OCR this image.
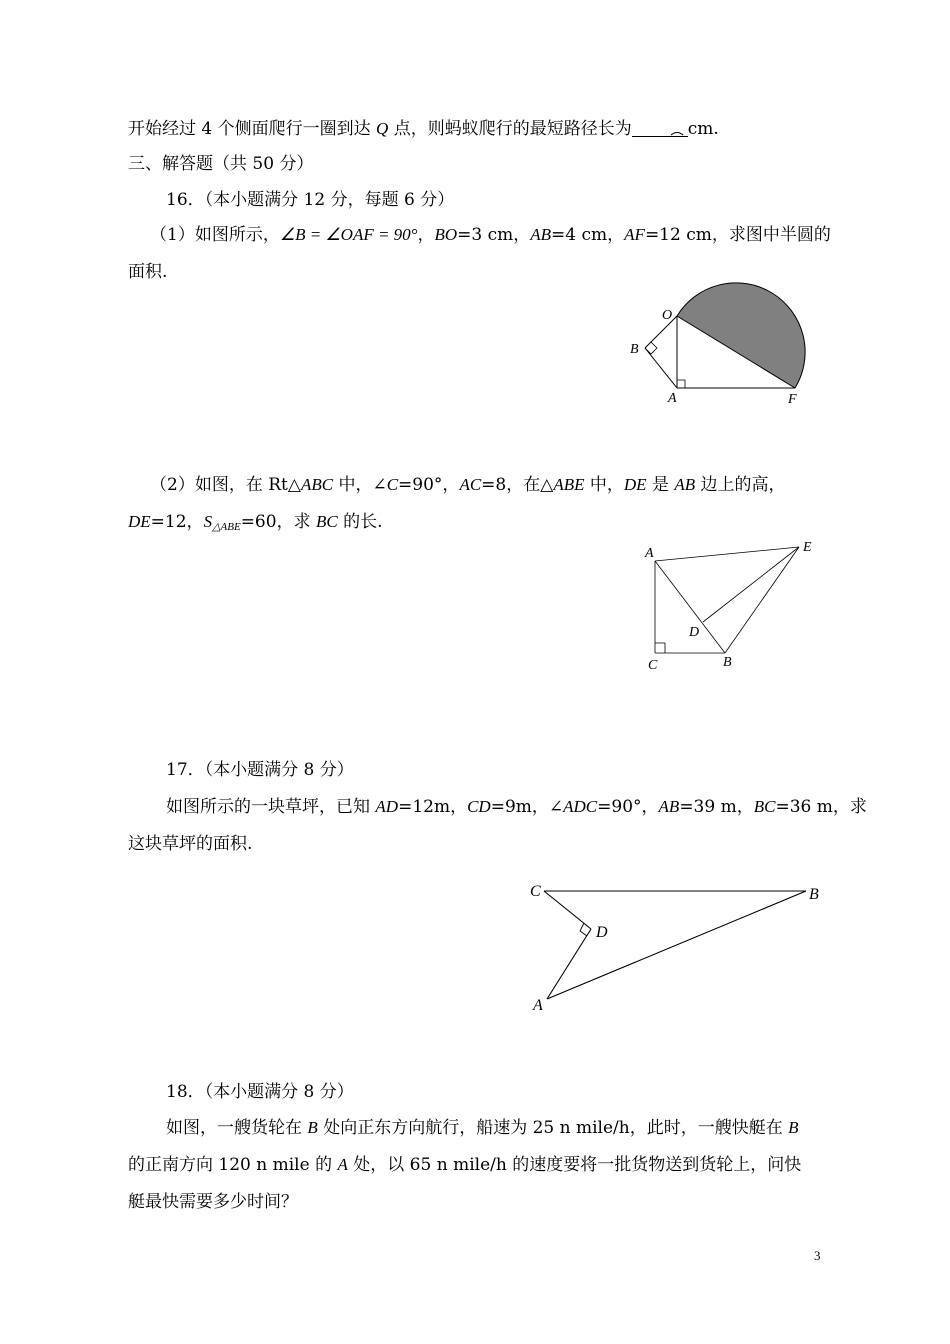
开始经过 4 个侧面爬行一圈到达 Q 点，则蚂蚁爬行的最短路径长为	cm.
三、解答题（共 50 分）
16．（本小题满分 12 分，每题 6 分）
（1）如图所示，∠B = ∠OAF = 90°，BO=3 cm，AB=4 cm，AF=12 cm，求图中半圆的
面积.
O
B
A	F
（2）如图，在 Rt△ABC 中，∠C=90°，AC=8，在△ABE 中，DE 是 AB 边上的高，
DE=12，$S_{\triangle ABE}=60$，求 BC 的长.
A	E
D
C	B
17．（本小题满分 8 分）
如图所示的一块草坪，已知 AD=12m，CD=9m，∠ADC=90°，AB=39 m，BC=36 m，求
这块草坪的面积.
C	B
D
A
18．（本小题满分 8 分）
如图，一艘货轮在 B 处向正东方向航行，船速为 25 n mile/h，此时，一艘快艇在 B
的正南方向 120 n mile 的 A 处，以 65 n mile/h 的速度要将一批货物送到货轮上，问快
艇最快需要多少时间？
3
